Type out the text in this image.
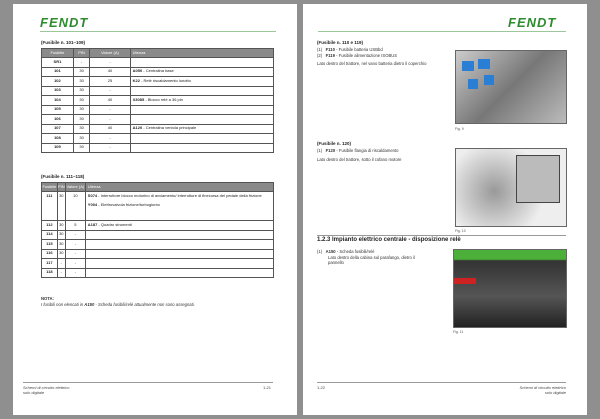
FENDT
(Fusibile n. 101–109)
Fusibile	PIN	Valore (A)	Utenza
SR1	-	-	
101	30	40	A050 - Centralina base
102	30	25	K22 - Relè riscaldamento lunotto
103	30	-	
104	30	40	X3085 - Blocco relè a 36 pin
105	30	-	
106	30	-	
107	30	40	A120 - Centralina ventola principale
108	30	-	
109	30	-	
(Fusibile n. 111–118)
Fusibile	PIN	Valore (A)	Utenza
111	30	10	S074 - Interruttore blocco motorino di avviamento/ interruttore di finecorsa del pedale della frizione

Y004 - Elettrovalvola frizione/turbogiunto
112	30	5	A187 - Quadro strumenti
114	30	-	
115	30	-	
116	30	-	
117	-	-	
118	-	-	
NOTA:
I fusibili non elencati in A150 - Scheda fusibili/relè attualmente non sono assegnati.
Schemi di circuito elettrico
solo digitale
1-21
FENDT
(Fusibile n. 110 e 119)
(1) F110 - Fusibile batteria USBbd
(2) F119 - Fusibile alimentazione ISOBUS
Lato destro del trattore, nel vano batteria dietro il coperchio
Fig. 9
(Fusibile n. 120)
(1) F120 - Fusibile flangia di riscaldamento
Lato destro del trattore, sotto il cofano motore
Fig. 10
1.2.3 Impianto elettrico centrale - disposizione relè
(1) A150 - Scheda fusibili/relè
Lato destro della cabina sul parafango, dietro il pannello
Fig. 11
1-22	Schemi di circuito elettrico
solo digitale
